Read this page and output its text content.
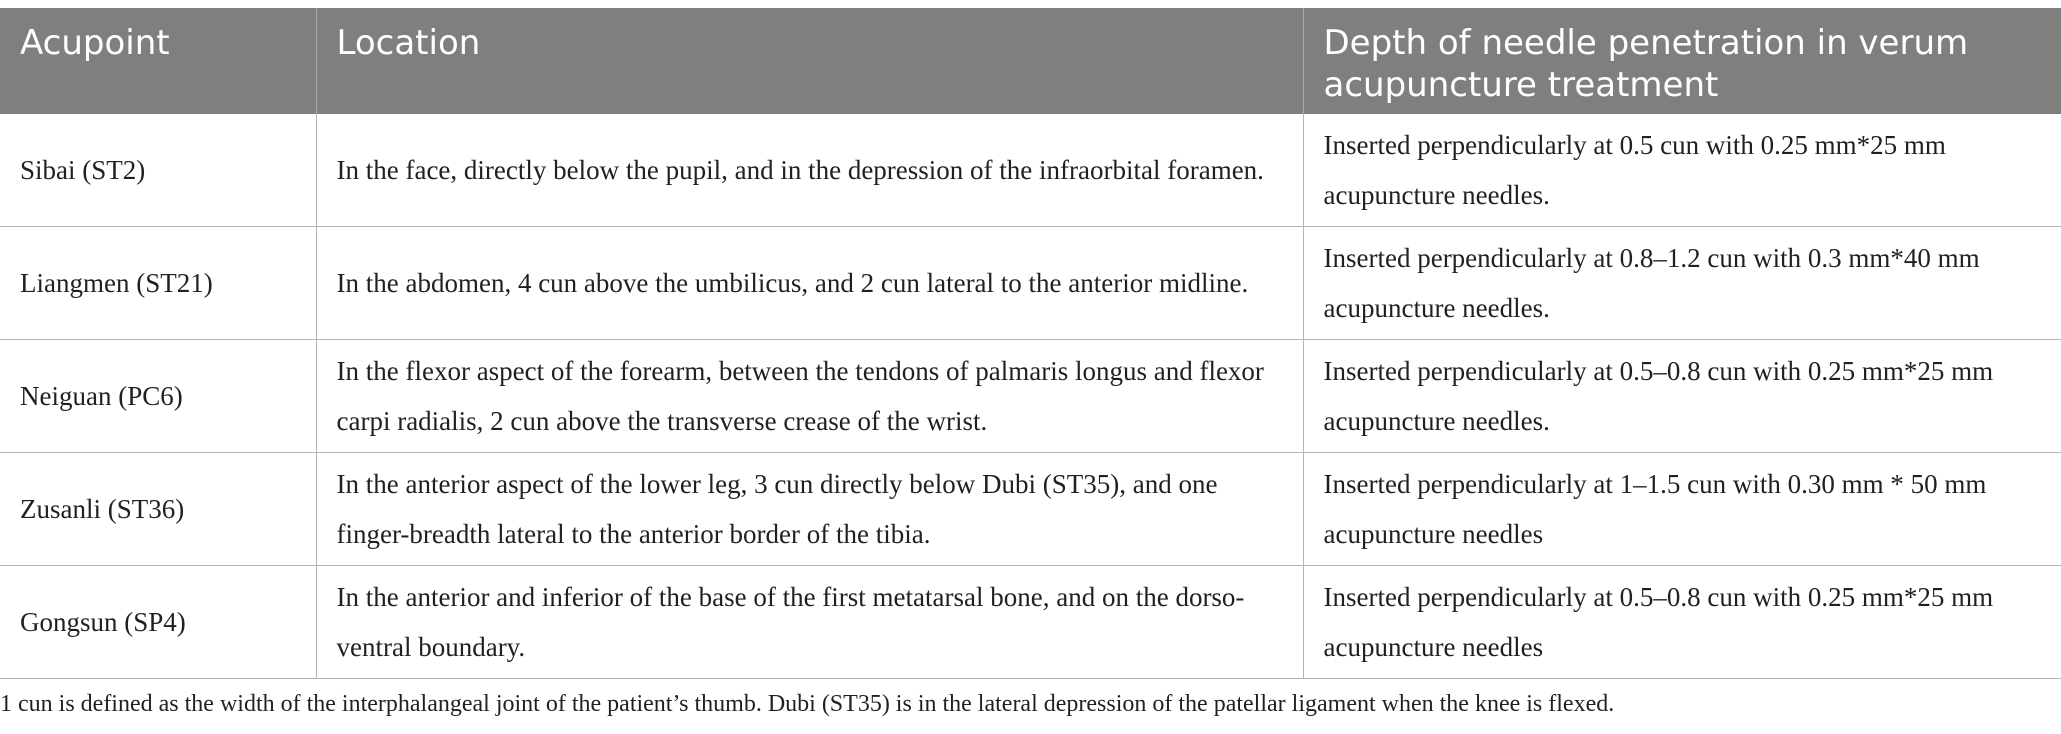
Acupoint	Location	Depth of needle penetration in verum acupuncture treatment
Sibai (ST2)	In the face, directly below the pupil, and in the depression of the infraorbital foramen.	Inserted perpendicularly at 0.5 cun with 0.25 mm*25 mm acupuncture needles.
Liangmen (ST21)	In the abdomen, 4 cun above the umbilicus, and 2 cun lateral to the anterior midline.	Inserted perpendicularly at 0.8–1.2 cun with 0.3 mm*40 mm acupuncture needles.
Neiguan (PC6)	In the flexor aspect of the forearm, between the tendons of palmaris longus and flexor carpi radialis, 2 cun above the transverse crease of the wrist.	Inserted perpendicularly at 0.5–0.8 cun with 0.25 mm*25 mm acupuncture needles.
Zusanli (ST36)	In the anterior aspect of the lower leg, 3 cun directly below Dubi (ST35), and one finger-breadth lateral to the anterior border of the tibia.	Inserted perpendicularly at 1–1.5 cun with 0.30 mm * 50 mm acupuncture needles
Gongsun (SP4)	In the anterior and inferior of the base of the first metatarsal bone, and on the dorso-ventral boundary.	Inserted perpendicularly at 0.5–0.8 cun with 0.25 mm*25 mm acupuncture needles
1 cun is defined as the width of the interphalangeal joint of the patient’s thumb. Dubi (ST35) is in the lateral depression of the patellar ligament when the knee is flexed.
